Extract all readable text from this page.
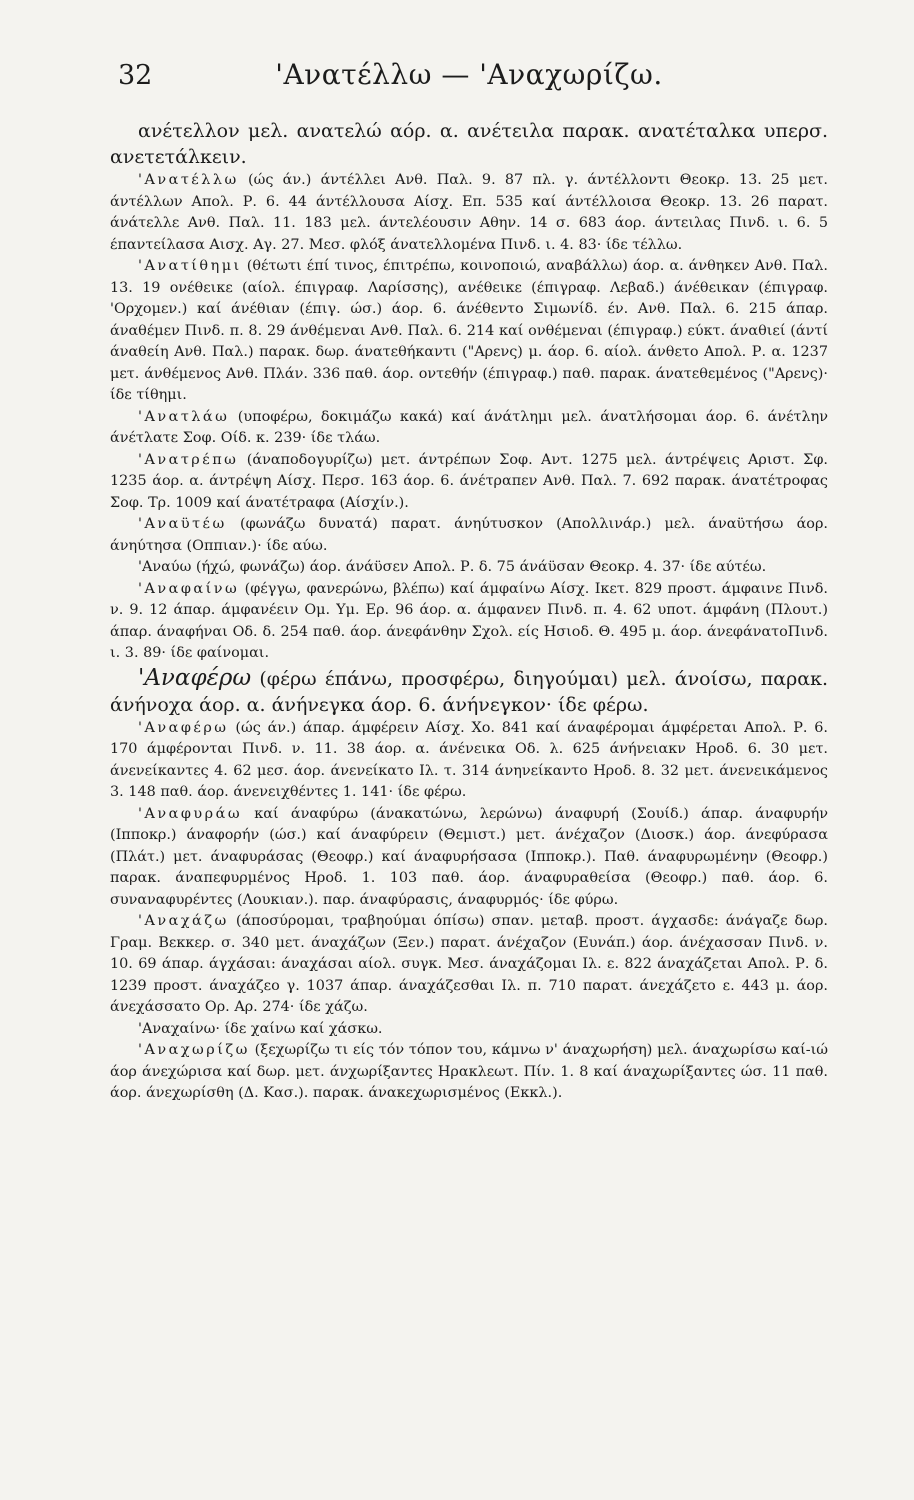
32	'Ανατέλλω — 'Αναχωρίζω.

ανέτελλον μελ. ανατελώ αόρ. α. ανέτειλα παρακ. ανατέταλκα υπερσ. ανετετάλκειν.

'Ανατέλλω (ώς άν.) άντέλλει Ανθ. Παλ. 9. 87 πλ. γ. άντέλλοντι Θεοκρ. 13. 25 μετ. άντέλλων Απολ. Ρ. 6. 44 άντέλλουσα Αίσχ. Επ. 535 καί άντέλλοισα Θεοκρ. 13. 26 παρατ. άνάτελλε Ανθ. Παλ. 11. 183 μελ. άντελέουσιν Αθην. 14 σ. 683 άορ. άντειλας Πινδ. ι. 6. 5 έπαντείλασα Αισχ. Αγ. 27. Μεσ. φλόξ άνατελλομένα Πινδ. ι. 4. 83· ίδε τέλλω.

'Ανατίθημι (θέτωτι έπί τινος, έπιτρέπω, κοινοποιώ, αναβάλλω) άορ. α. άνθηκεν Ανθ. Παλ. 13. 19 ονέθεικε (αίολ. έπιγραφ. Λαρίσσης), ανέθεικε (έπιγραφ. Λεβαδ.) άνέθεικαν (έπιγραφ. 'Ορχομεν.) καί άνέθιαν (έπιγ. ώσ.) άορ. 6. άνέθεντο Σιμωνίδ. έν. Ανθ. Παλ. 6. 215 άπαρ. άναθέμεν Πινδ. π. 8. 29 άνθέμεναι Ανθ. Παλ. 6. 214 καί ονθέμεναι (έπιγραφ.) εύκτ. άναθιεί (άντί άναθείη Ανθ. Παλ.) παρακ. δωρ. άνατεθήκαντι ("Αρενς) μ. άορ. 6. αίολ. άνθετο Απολ. Ρ. α. 1237 μετ. άνθέμενος Ανθ. Πλάν. 336 παθ. άορ. οντεθήν (έπιγραφ.) παθ. παρακ. άνατεθεμένος ("Αρενς)· ίδε τίθημι.

'Ανατλάω (υποφέρω, δοκιμάζω κακά) καί άνάτλημι μελ. άνατλήσομαι άορ. 6. άνέτλην άνέτλατε Σοφ. Οίδ. κ. 239· ίδε τλάω.

'Ανατρέπω (άναποδογυρίζω) μετ. άντρέπων Σοφ. Αντ. 1275 μελ. άντρέψεις Αριστ. Σφ. 1235 άορ. α. άντρέψη Αίσχ. Περσ. 163 άορ. 6. άνέτραπεν Ανθ. Παλ. 7. 692 παρακ. άνατέτροφας Σοφ. Τρ. 1009 καί άνατέτραφα (Αίσχίν.).

'Αναϋτέω (φωνάζω δυνατά) παρατ. άνηύτυσκον (Απολλινάρ.) μελ. άναϋτήσω άορ. άνηύτησα (Οππιαν.)· ίδε αύω.

'Αναύω (ήχώ, φωνάζω) άορ. άνάϋσεν Απολ. Ρ. δ. 75 άνάϋσαν Θεοκρ. 4. 37· ίδε αύτέω.

'Αναφαίνω (φέγγω, φανερώνω, βλέπω) καί άμφαίνω Αίσχ. Ικετ. 829 προστ. άμφαινε Πινδ. ν. 9. 12 άπαρ. άμφανέειν Ομ. Υμ. Ερ. 96 άορ. α. άμφανεν Πινδ. π. 4. 62 υποτ. άμφάνη (Πλουτ.) άπαρ. άναφήναι Οδ. δ. 254 παθ. άορ. άνεφάνθην Σχολ. είς Ησιοδ. Θ. 495 μ. άορ. άνεφάνατοΠινδ. ι. 3. 89· ίδε φαίνομαι.

'Αναφέρω (φέρω έπάνω, προσφέρω, διηγούμαι) μελ. άνοίσω, παρακ. άνήνοχα άορ. α. άνήνεγκα άορ. 6. άνήνεγκον· ίδε φέρω.

'Αναφέρω (ώς άν.) άπαρ. άμφέρειν Αίσχ. Χο. 841 καί άναφέρομαι άμφέρεται Απολ. Ρ. 6. 170 άμφέρονται Πινδ. ν. 11. 38 άορ. α. άνένεικα Οδ. λ. 625 άνήνειακν Ηροδ. 6. 30 μετ. άνενείκαντες 4. 62 μεσ. άορ. άνενείκατο Ιλ. τ. 314 άνηνείκαντο Ηροδ. 8. 32 μετ. άνενεικάμενος 3. 148 παθ. άορ. άνενειχθέντες 1. 141· ίδε φέρω.

'Αναφυράω καί άναφύρω (άνακατώνω, λερώνω) άναφυρή (Σουίδ.) άπαρ. άναφυρήν (Ιπποκρ.) άναφορήν (ώσ.) καί άναφύρειν (Θεμιστ.) μετ. άνέχαζον (Διοσκ.) άορ. άνεφύρασα (Πλάτ.) μετ. άναφυράσας (Θεοφρ.) καί άναφυρήσασα (Ιπποκρ.). Παθ. άναφυρωμένην (Θεοφρ.) παρακ. άναπεφυρμένος Ηροδ. 1. 103 παθ. άορ. άναφυραθείσα (Θεοφρ.) παθ. άορ. 6. συναναφυρέντες (Λουκιαν.). παρ. άναφύρασις, άναφυρμός· ίδε φύρω.

'Αναχάζω (άποσύρομαι, τραβηούμαι όπίσω) σπαν. μεταβ. προστ. άγχασδε: άνάγαζε δωρ. Γραμ. Βεκκερ. σ. 340 μετ. άναχάζων (Ξεν.) παρατ. άνέχαζον (Ευνάπ.) άορ. άνέχασσαν Πινδ. ν. 10. 69 άπαρ. άγχάσαι: άναχάσαι αίολ. συγκ. Μεσ. άναχάζομαι Ιλ. ε. 822 άναχάζεται Απολ. Ρ. δ. 1239 προστ. άναχάζεο γ. 1037 άπαρ. άναχάζεσθαι Ιλ. π. 710 παρατ. άνεχάζετο ε. 443 μ. άορ. άνεχάσσατο Ορ. Αρ. 274· ίδε χάζω.

'Αναχαίνω· ίδε χαίνω καί χάσκω.

'Αναχωρίζω (ξεχωρίζω τι είς τόν τόπον του, κάμνω ν' άναχωρήση) μελ. άναχωρίσω καί-ιώ άορ άνεχώρισα καί δωρ. μετ. άνχωρίξαντες Ηρακλεωτ. Πίν. 1. 8 καί άναχωρίξαντες ώσ. 11 παθ. άορ. άνεχωρίσθη (Δ. Κασ.). παρακ. άνακεχωρισμένος (Εκκλ.).
